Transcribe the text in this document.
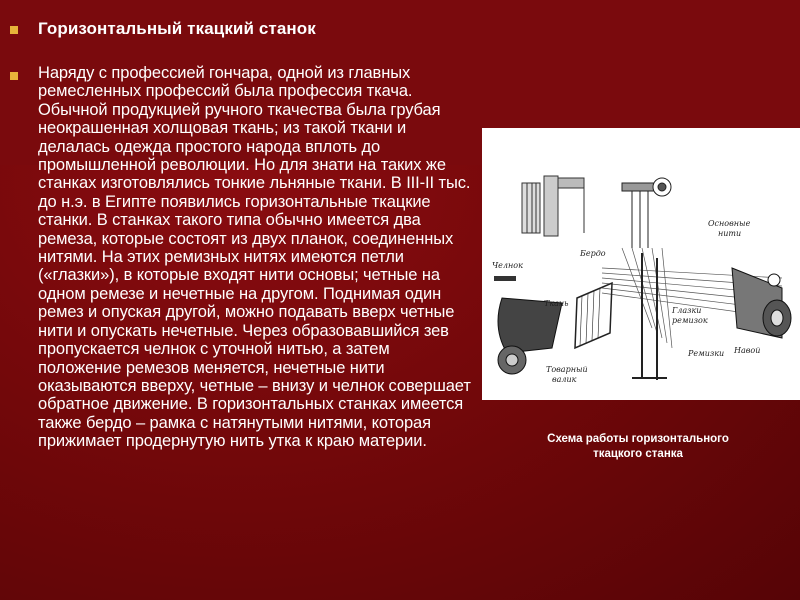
Горизонтальный ткацкий станок
Наряду с профессией гончара, одной из главных ремесленных профессий была профессия ткача. Обычной продукцией ручного ткачества была грубая неокрашенная холщовая ткань; из такой ткани и делалась одежда простого народа вплоть до промышленной революции. Но для знати на таких же станках изготовлялись тонкие льняные ткани. В III-II тыс. до н.э. в Египте появились горизонтальные ткацкие станки. В станках такого типа обычно имеется два ремеза, которые состоят из двух планок, соединенных нитями. На этих ремизных нитях имеются петли («глазки»), в которые входят нити основы; четные на одном ремезе и нечетные на другом. Поднимая один ремез и опуская другой, можно подавать вверх четные нити и опускать нечетные. Через образовавшийся зев пропускается челнок с уточной нитью, а затем положение ремезов меняется, нечетные нити оказываются вверху, четные – внизу и челнок совершает обратное движение. В горизонтальных станках имеется также бердо – рамка с натянутыми нитями, которая прижимает продернутую нить утка к краю материи.
Бердо
Основные
нити
Челнок
Ткань
Глазки
ремизок
Ремизки Навой
Товарный
валик
Схема работы горизонтального
ткацкого станка
